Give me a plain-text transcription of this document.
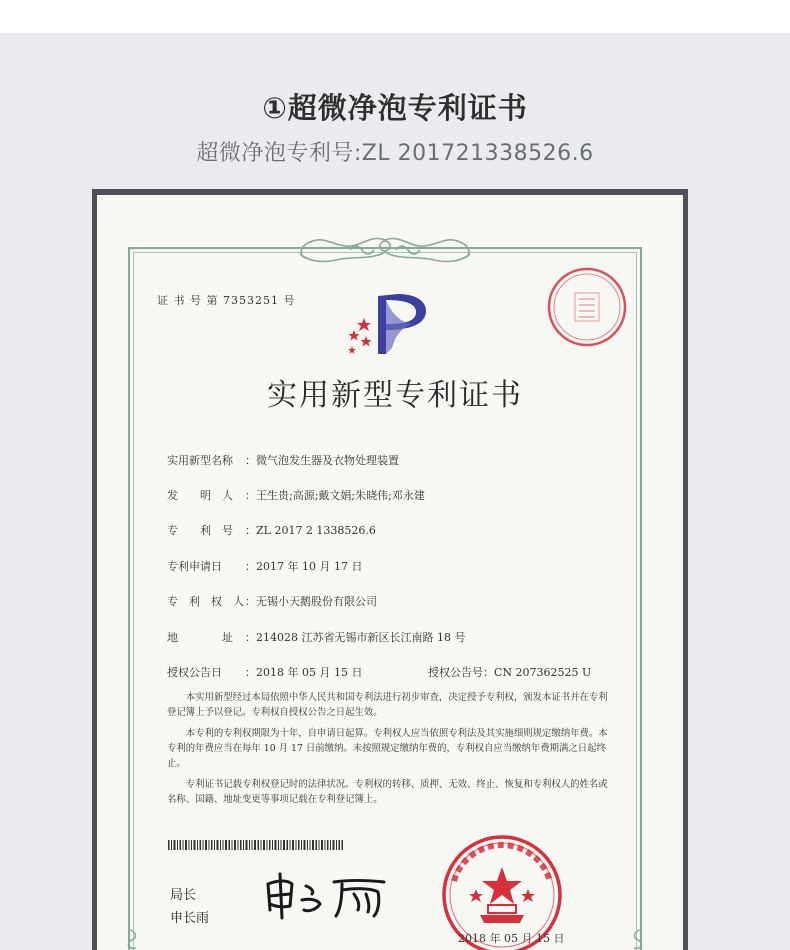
①超微净泡专利证书
超微净泡专利号:ZL 201721338526.6
证 书 号 第 7353251 号
实用新型专利证书
实用新型名称 ：微气泡发生器及衣物处理装置
发　　明　人 ：王生贵;高源;戴文娟;朱晓伟;邓永建
专　　利　号 ：ZL 2017 2 1338526.6
专利申请日 ：2017 年 10 月 17 日
专　利　权　人：无锡小天鹅股份有限公司
地　　　　址 ：214028 江苏省无锡市新区长江南路 18 号
授权公告日 ：2018 年 05 月 15 日	授权公告号：CN 207362525 U
本实用新型经过本局依照中华人民共和国专利法进行初步审查，决定授予专利权，颁发本证书并在专利登记簿上予以登记。专利权自授权公告之日起生效。
本专利的专利权期限为十年，自申请日起算。专利权人应当依照专利法及其实施细则规定缴纳年费。本专利的年费应当在每年 10 月 17 日前缴纳。未按照规定缴纳年费的，专利权自应当缴纳年费期满之日起终止。
专利证书记载专利权登记时的法律状况。专利权的转移、质押、无效、终止、恢复和专利权人的姓名或名称、国籍、地址变更等事项记载在专利登记簿上。
局长
申长雨
2018 年 05 月 15 日
